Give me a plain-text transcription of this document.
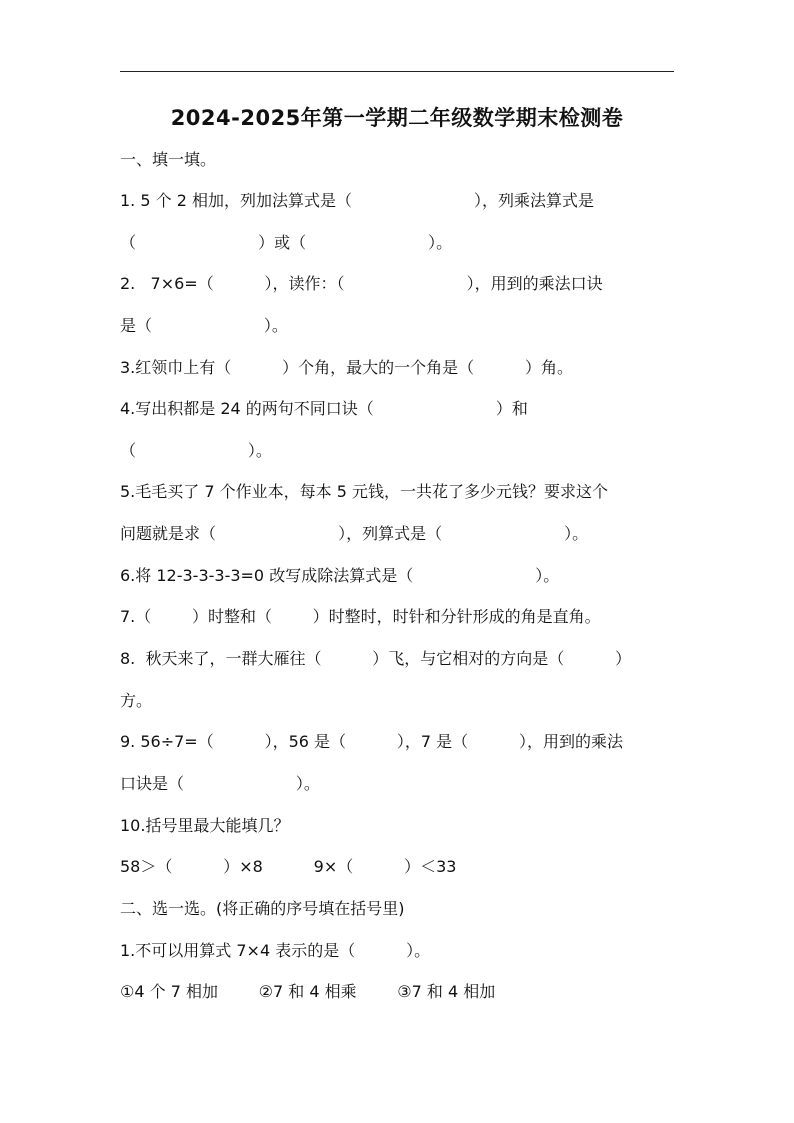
2024-2025年第一学期二年级数学期末检测卷
一、填一填。
1. 5 个 2 相加，列加法算式是（                        ），列乘法算式是
（                        ）或（                        ）。
2.   7×6=（          ），读作：（                        ），用到的乘法口诀
是（                      ）。
3.红领巾上有（          ）个角，最大的一个角是（          ）角。
4.写出积都是 24 的两句不同口诀（                        ）和
（                      ）。
5.毛毛买了 7 个作业本，每本 5 元钱，一共花了多少元钱？要求这个
问题就是求（                        ），列算式是（                        ）。
6.将 12-3-3-3-3=0 改写成除法算式是（                        ）。
7.（        ）时整和（        ）时整时，时针和分针形成的角是直角。
8.  秋天来了，一群大雁往（          ）飞，与它相对的方向是（          ）
方。
9. 56÷7=（          ），56 是（          ），7 是（          ），用到的乘法
口诀是（                      ）。
10.括号里最大能填几？
58＞（          ）×8          9×（          ）＜33
二、选一选。(将正确的序号填在括号里)
1.不可以用算式 7×4 表示的是（          ）。
①4 个 7 相加        ②7 和 4 相乘        ③7 和 4 相加
